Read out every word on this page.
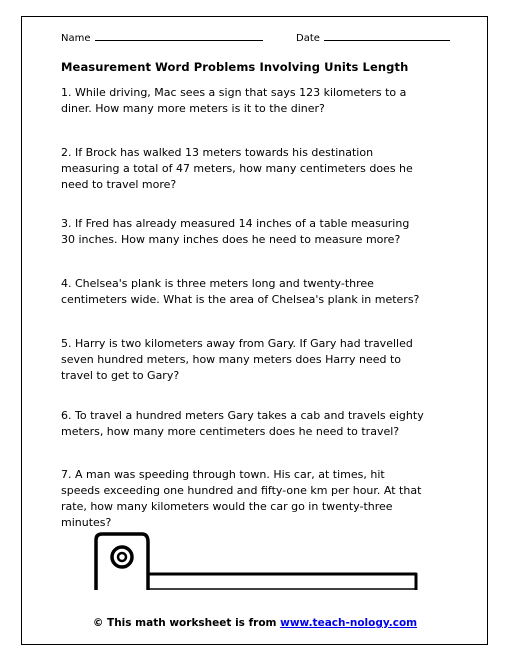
Name	Date
Measurement Word Problems Involving Units Length
1. While driving, Mac sees a sign that says 123 kilometers to a
diner. How many more meters is it to the diner?
2. If Brock has walked 13 meters towards his destination
measuring a total of 47 meters, how many centimeters does he
need to travel more?
3. If Fred has already measured 14 inches of a table measuring
30 inches. How many inches does he need to measure more?
4. Chelsea's plank is three meters long and twenty-three
centimeters wide. What is the area of Chelsea's plank in meters?
5. Harry is two kilometers away from Gary. If Gary had travelled
seven hundred meters, how many meters does Harry need to
travel to get to Gary?
6. To travel a hundred meters Gary takes a cab and travels eighty
meters, how many more centimeters does he need to travel?
7. A man was speeding through town. His car, at times, hit
speeds exceeding one hundred and fifty-one km per hour. At that
rate, how many kilometers would the car go in twenty-three
minutes?
© This math worksheet is from www.teach-nology.com
